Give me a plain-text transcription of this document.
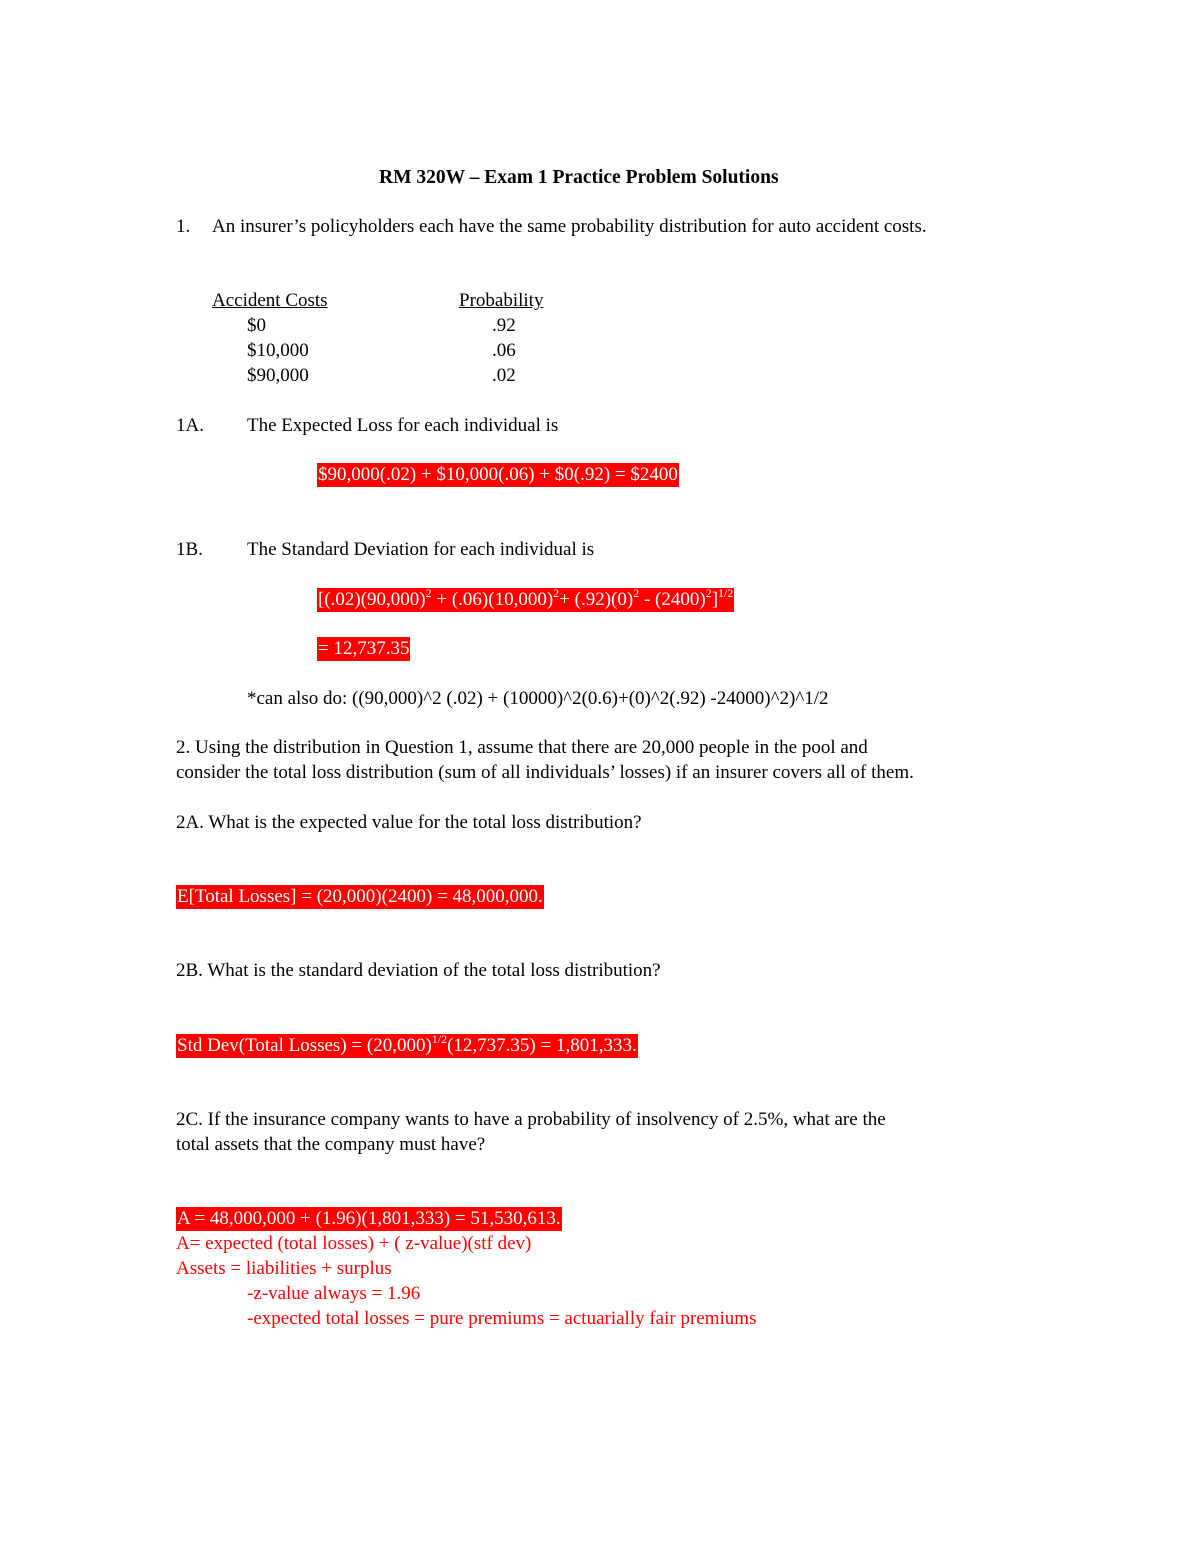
RM 320W – Exam 1 Practice Problem Solutions
1. An insurer’s policyholders each have the same probability distribution for auto accident costs.
Accident Costs	Probability
$0	.92
$10,000	.06
$90,000	.02
1A. The Expected Loss for each individual is
$90,000(.02) + $10,000(.06) + $0(.92) = $2400
1B. The Standard Deviation for each individual is
$[(.02)(90,000)^2 + (.06)(10,000)^2+ (.92)(0)^2 - (2400)^2]^{1/2}$
= 12,737.35
*can also do: ((90,000)^2 (.02) + (10000)^2(0.6)+(0)^2(.92) -24000)^2)^1/2
2. Using the distribution in Question 1, assume that there are 20,000 people in the pool and
consider the total loss distribution (sum of all individuals’ losses) if an insurer covers all of them.
2A. What is the expected value for the total loss distribution?
E[Total Losses] = (20,000)(2400) = 48,000,000.
2B. What is the standard deviation of the total loss distribution?
Std Dev(Total Losses) = $(20,000)^{1/2}(12,737.35) = 1,801,333$.
2C. If the insurance company wants to have a probability of insolvency of 2.5%, what are the
total assets that the company must have?
A = 48,000,000 + (1.96)(1,801,333) = 51,530,613.
A= expected (total losses) + ( z-value)(stf dev)
Assets = liabilities + surplus
-z-value always = 1.96
-expected total losses = pure premiums = actuarially fair premiums
